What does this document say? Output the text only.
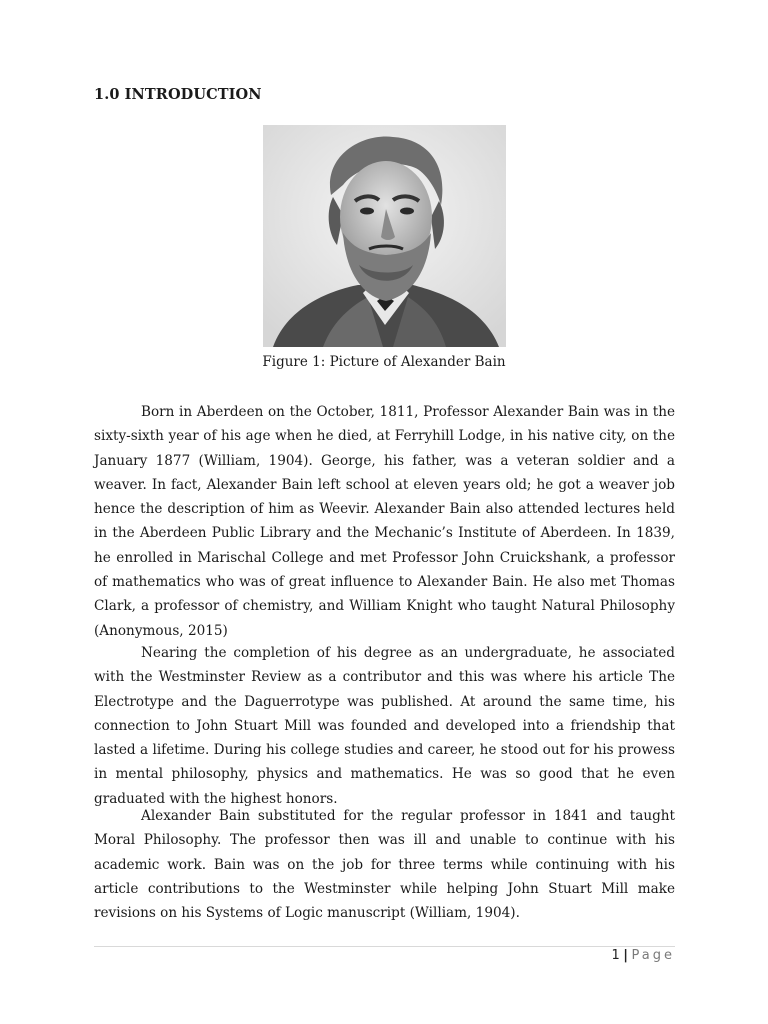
1.0 INTRODUCTION
Figure 1: Picture of Alexander Bain

Born in Aberdeen on the October, 1811, Professor Alexander Bain was in the sixty-sixth year of his age when he died, at Ferryhill Lodge, in his native city, on the January 1877 (William, 1904). George, his father, was a veteran soldier and a weaver. In fact, Alexander Bain left school at eleven years old; he got a weaver job hence the description of him as Weevir. Alexander Bain also attended lectures held in the Aberdeen Public Library and the Mechanic’s Institute of Aberdeen. In 1839, he enrolled in Marischal College and met Professor John Cruickshank, a professor of mathematics who was of great influence to Alexander Bain. He also met Thomas Clark, a professor of chemistry, and William Knight who taught Natural Philosophy (Anonymous, 2015)

Nearing the completion of his degree as an undergraduate, he associated with the Westminster Review as a contributor and this was where his article The Electrotype and the Daguerrotype was published. At around the same time, his connection to John Stuart Mill was founded and developed into a friendship that lasted a lifetime. During his college studies and career, he stood out for his prowess in mental philosophy, physics and mathematics. He was so good that he even graduated with the highest honors.

Alexander Bain substituted for the regular professor in 1841 and taught Moral Philosophy. The professor then was ill and unable to continue with his academic work. Bain was on the job for three terms while continuing with his article contributions to the Westminster while helping John Stuart Mill make revisions on his Systems of Logic manuscript (William, 1904).

1 | Page
